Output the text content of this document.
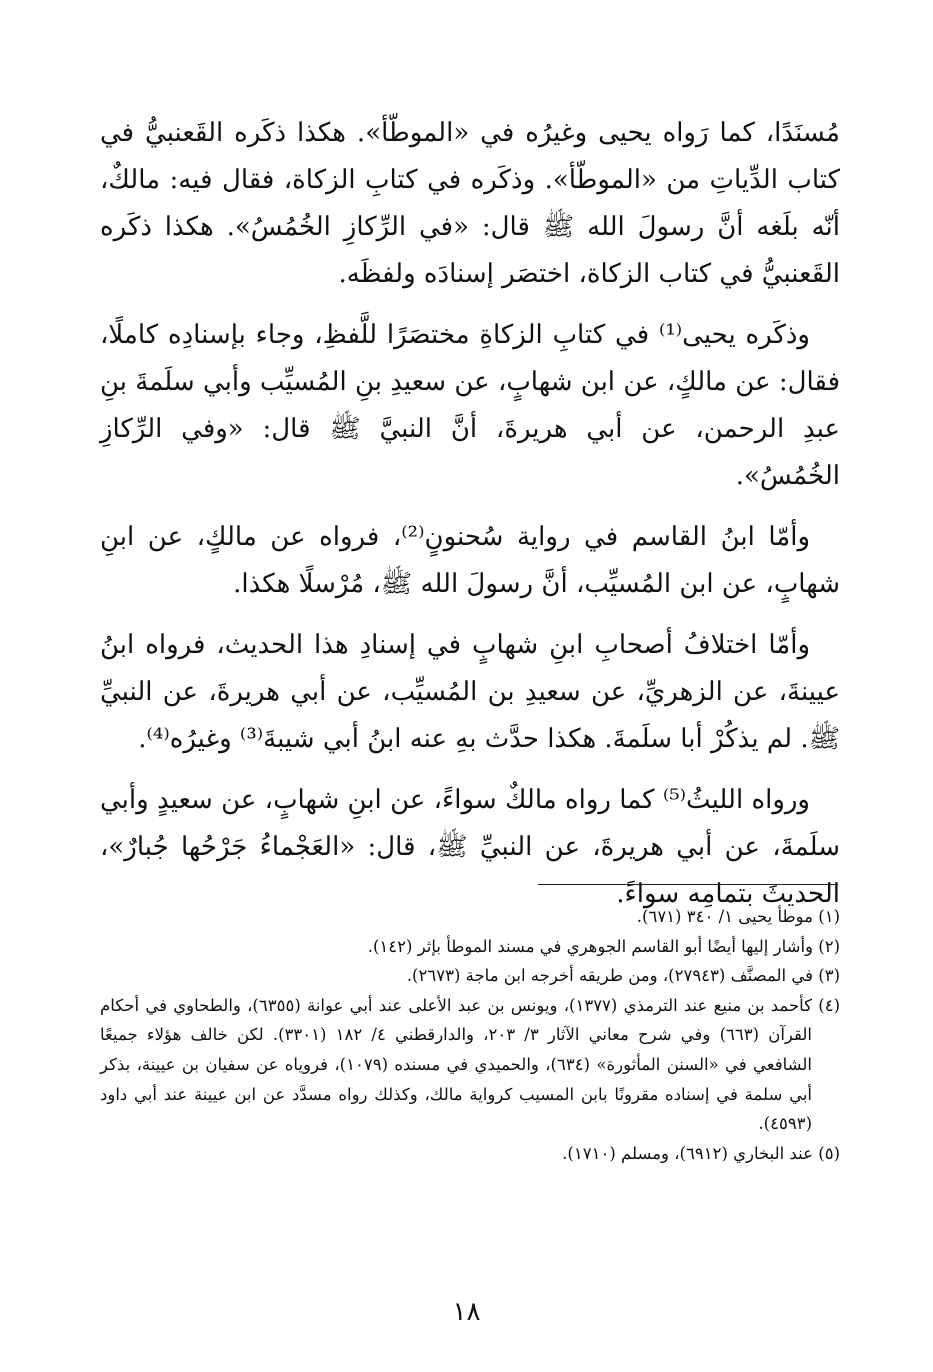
مُسنَدًا، كما رَواه يحيى وغيرُه في «الموطّأ». هكذا ذكَره القَعنبيُّ في كتاب الدِّياتِ من «الموطّأ». وذكَره في كتابِ الزكاة، فقال فيه: مالكٌ، أنّه بلَغه أنَّ رسولَ الله ﷺ قال: «في الرِّكازِ الخُمُسُ». هكذا ذكَره القَعنبيُّ في كتاب الزكاة، اختصَر إسنادَه ولفظَه.

وذكَره يحيى⁽¹⁾ في كتابِ الزكاةِ مختصَرًا للَّفظِ، وجاء بإسنادِه كاملًا، فقال: عن مالكٍ، عن ابن شهابٍ، عن سعيدِ بنِ المُسيِّب وأبي سلَمةَ بنِ عبدِ الرحمن، عن أبي هريرةَ، أنَّ النبيَّ ﷺ قال: «وفي الرِّكازِ الخُمُسُ».

وأمّا ابنُ القاسم في رواية سُحنونٍ⁽²⁾، فرواه عن مالكٍ، عن ابنِ شهابٍ، عن ابن المُسيِّب، أنَّ رسولَ الله ﷺ، مُرْسلًا هكذا.

وأمّا اختلافُ أصحابِ ابنِ شهابٍ في إسنادِ هذا الحديث، فرواه ابنُ عيينةَ، عن الزهريِّ، عن سعيدِ بن المُسيِّب، عن أبي هريرةَ، عن النبيِّ ﷺ. لم يذكُرْ أبا سلَمةَ. هكذا حدَّث بهِ عنه ابنُ أبي شيبةَ⁽³⁾ وغيرُه⁽⁴⁾.

ورواه الليثُ⁽⁵⁾ كما رواه مالكٌ سواءً، عن ابنِ شهابٍ، عن سعيدٍ وأبي سلَمةَ، عن أبي هريرةَ، عن النبيِّ ﷺ، قال: «العَجْماءُ جَرْحُها جُبارٌ»، الحديثَ بتمامِه سواءً.

(١) موطأ يحيى ١/ ٣٤٠ (٦٧١).

(٢) وأشار إليها أيضًا أبو القاسم الجوهري في مسند الموطأ بإثر (١٤٢).

(٣) في المصنَّف (٢٧٩٤٣)، ومن طريقه أخرجه ابن ماجة (٢٦٧٣).

(٤) كأحمد بن منيع عند الترمذي (١٣٧٧)، ويونس بن عبد الأعلى عند أبي عوانة (٦٣٥٥)، والطحاوي في أحكام القرآن (٦٦٣) وفي شرح معاني الآثار ٣/ ٢٠٣، والدارقطني ٤/ ١٨٢ (٣٣٠١). لكن خالف هؤلاء جميعًا الشافعي في «السنن المأثورة» (٦٣٤)، والحميدي في مسنده (١٠٧٩)، فروياه عن سفيان بن عيينة، بذكر أبي سلمة في إسناده مقرونًا بابن المسيب كرواية مالك، وكذلك رواه مسدَّد عن ابن عيينة عند أبي داود (٤٥٩٣).

(٥) عند البخاري (٦٩١٢)، ومسلم (١٧١٠).

١٨
